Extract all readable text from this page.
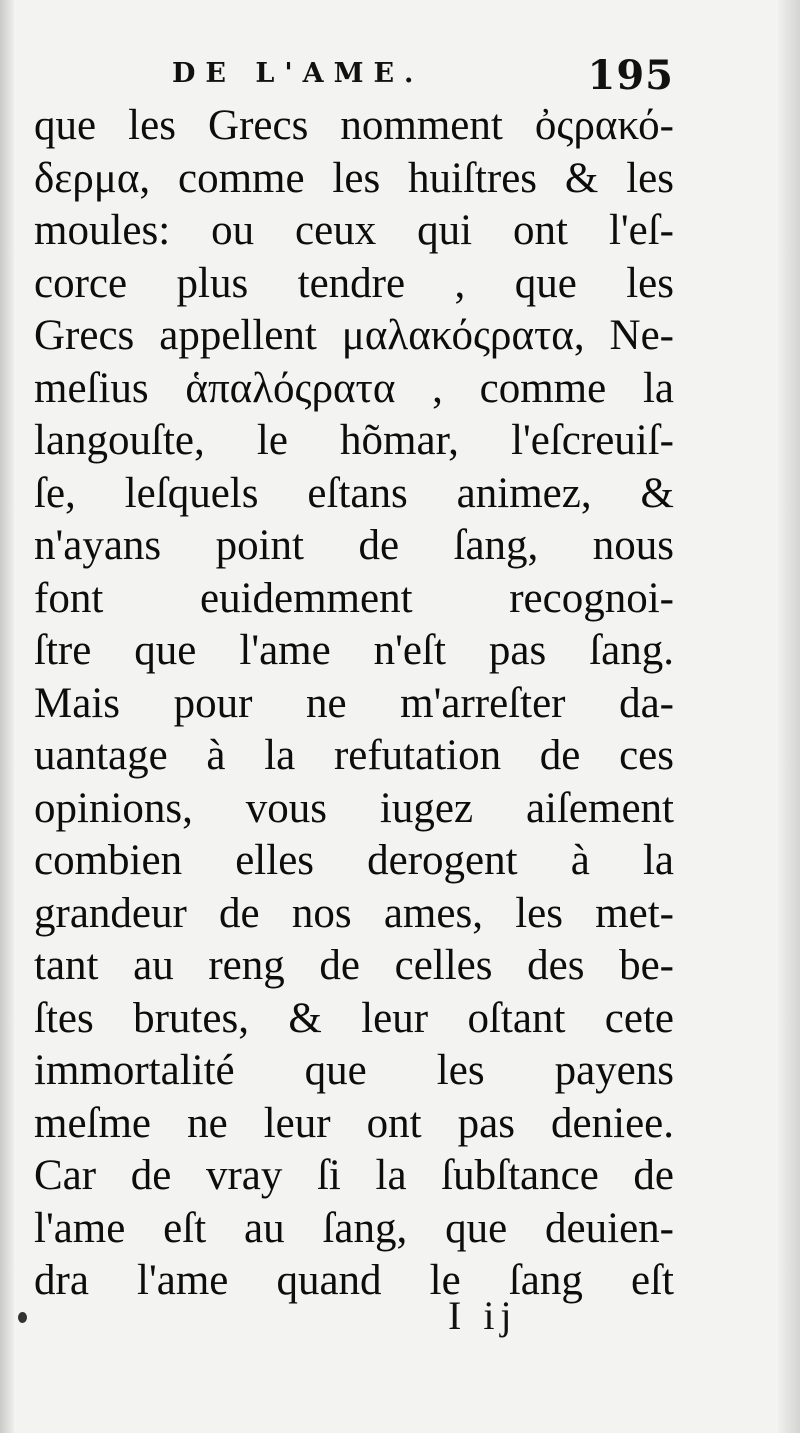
DE L'AME.	195
que les Grecs nomment ὀςρακό-
δερμα, comme les huiſtres & les
moules: ou ceux qui ont l'eſ-
corce plus tendre , que les
Grecs appellent μαλακόςρατα, Ne-
meſius ἁπαλόςρατα , comme la
langouſte, le hõmar, l'eſcreuiſ-
ſe, leſquels eſtans animez, &
n'ayans point de ſang, nous
font euidemment recognoi-
ſtre que l'ame n'eſt pas ſang.
Mais pour ne m'arreſter da-
uantage à la refutation de ces
opinions, vous iugez aiſement
combien elles derogent à la
grandeur de nos ames, les met-
tant au reng de celles des be-
ſtes brutes, & leur oſtant cete
immortalité que les payens
meſme ne leur ont pas deniee.
Car de vray ſi la ſubſtance de
l'ame eſt au ſang, que deuien-
dra l'ame quand le ſang eſt
I ij
